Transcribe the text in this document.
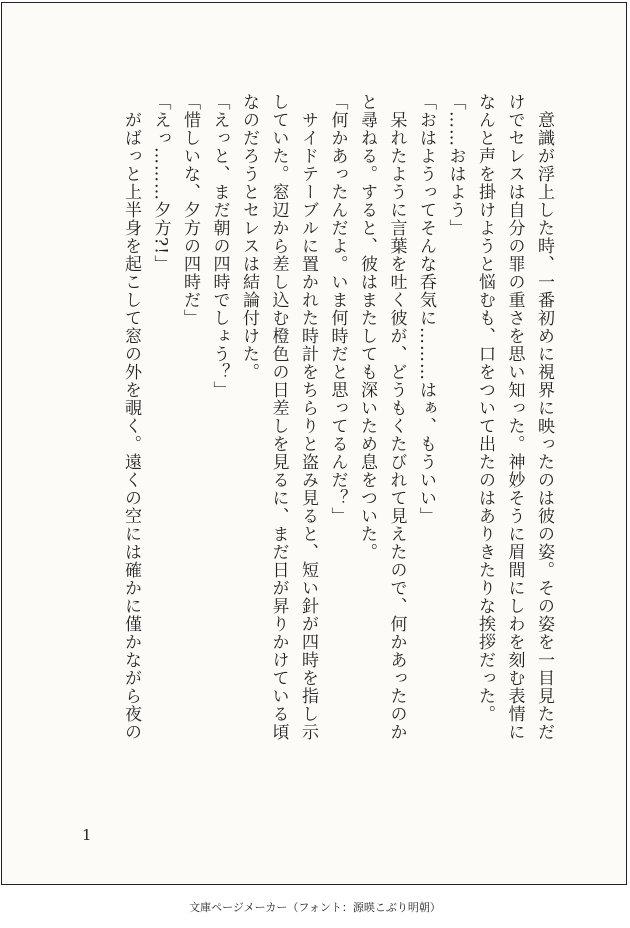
　意識が浮上した時、一番初めに視界に映ったのは彼の姿。その姿を一目見ただ
けでセレスは自分の罪の重さを思い知った。神妙そうに眉間にしわを刻む表情に
なんと声を掛けようと悩むも、口をついて出たのはありきたりな挨拶だった。
「……おはよう」
「おはようってそんな呑気に………はぁ、もういい」
　呆れたように言葉を吐く彼が、どうもくたびれて見えたので、何かあったのか
と尋ねる。すると、彼はまたしても深いため息をついた。
「何かあったんだよ。いま何時だと思ってるんだ？」
　サイドテーブルに置かれた時計をちらりと盗み見ると、短い針が四時を指し示
していた。窓辺から差し込む橙色の日差しを見るに、まだ日が昇りかけている頃
なのだろうとセレスは結論付けた。
「えっと、まだ朝の四時でしょう？」
「惜しいな、夕方の四時だ」
「えっ………夕方?!」
　がばっと上半身を起こして窓の外を覗く。遠くの空には確かに僅かながら夜の
1
文庫ページメーカー（フォント：源暎こぶり明朝）
